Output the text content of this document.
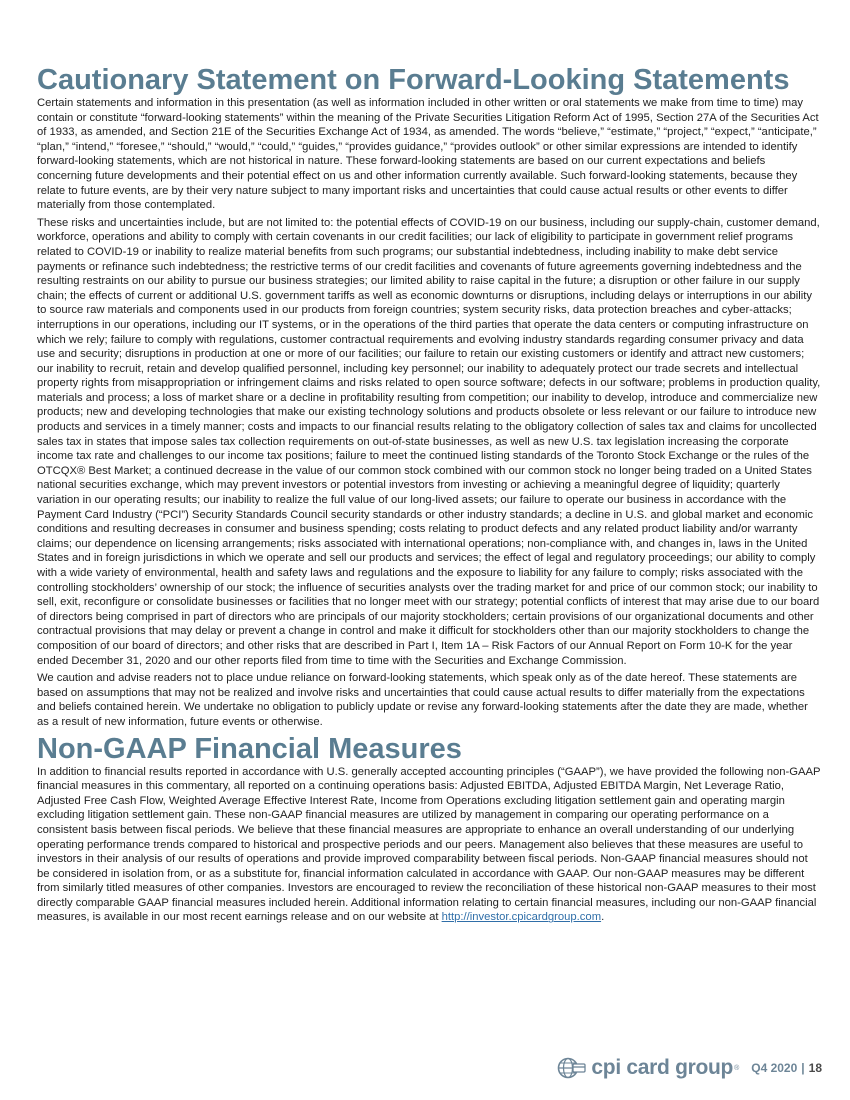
Cautionary Statement on Forward-Looking Statements

Certain statements and information in this presentation (as well as information included in other written or oral statements we make from time to time) may contain or constitute “forward-looking statements” within the meaning of the Private Securities Litigation Reform Act of 1995, Section 27A of the Securities Act of 1933, as amended, and Section 21E of the Securities Exchange Act of 1934, as amended. The words “believe,” “estimate,” “project,” “expect,” “anticipate,” “plan,” “intend,” “foresee,” “should,” “would,” “could,” “guides,” “provides guidance,” “provides outlook” or other similar expressions are intended to identify forward-looking statements, which are not historical in nature. These forward-looking statements are based on our current expectations and beliefs concerning future developments and their potential effect on us and other information currently available. Such forward-looking statements, because they relate to future events, are by their very nature subject to many important risks and uncertainties that could cause actual results or other events to differ materially from those contemplated.

These risks and uncertainties include, but are not limited to: the potential effects of COVID-19 on our business, including our supply-chain, customer demand, workforce, operations and ability to comply with certain covenants in our credit facilities; our lack of eligibility to participate in government relief programs related to COVID-19 or inability to realize material benefits from such programs; our substantial indebtedness, including inability to make debt service payments or refinance such indebtedness; the restrictive terms of our credit facilities and covenants of future agreements governing indebtedness and the resulting restraints on our ability to pursue our business strategies; our limited ability to raise capital in the future; a disruption or other failure in our supply chain; the effects of current or additional U.S. government tariffs as well as economic downturns or disruptions, including delays or interruptions in our ability to source raw materials and components used in our products from foreign countries; system security risks, data protection breaches and cyber-attacks; interruptions in our operations, including our IT systems, or in the operations of the third parties that operate the data centers or computing infrastructure on which we rely; failure to comply with regulations, customer contractual requirements and evolving industry standards regarding consumer privacy and data use and security; disruptions in production at one or more of our facilities; our failure to retain our existing customers or identify and attract new customers; our inability to recruit, retain and develop qualified personnel, including key personnel; our inability to adequately protect our trade secrets and intellectual property rights from misappropriation or infringement claims and risks related to open source software; defects in our software; problems in production quality, materials and process; a loss of market share or a decline in profitability resulting from competition; our inability to develop, introduce and commercialize new products; new and developing technologies that make our existing technology solutions and products obsolete or less relevant or our failure to introduce new products and services in a timely manner; costs and impacts to our financial results relating to the obligatory collection of sales tax and claims for uncollected sales tax in states that impose sales tax collection requirements on out-of-state businesses, as well as new U.S. tax legislation increasing the corporate income tax rate and challenges to our income tax positions; failure to meet the continued listing standards of the Toronto Stock Exchange or the rules of the OTCQX® Best Market; a continued decrease in the value of our common stock combined with our common stock no longer being traded on a United States national securities exchange, which may prevent investors or potential investors from investing or achieving a meaningful degree of liquidity; quarterly variation in our operating results; our inability to realize the full value of our long-lived assets; our failure to operate our business in accordance with the Payment Card Industry (“PCI”) Security Standards Council security standards or other industry standards; a decline in U.S. and global market and economic conditions and resulting decreases in consumer and business spending; costs relating to product defects and any related product liability and/or warranty claims; our dependence on licensing arrangements; risks associated with international operations; non-compliance with, and changes in, laws in the United States and in foreign jurisdictions in which we operate and sell our products and services; the effect of legal and regulatory proceedings; our ability to comply with a wide variety of environmental, health and safety laws and regulations and the exposure to liability for any failure to comply; risks associated with the controlling stockholders’ ownership of our stock; the influence of securities analysts over the trading market for and price of our common stock; our inability to sell, exit, reconfigure or consolidate businesses or facilities that no longer meet with our strategy; potential conflicts of interest that may arise due to our board of directors being comprised in part of directors who are principals of our majority stockholders; certain provisions of our organizational documents and other contractual provisions that may delay or prevent a change in control and make it difficult for stockholders other than our majority stockholders to change the composition of our board of directors; and other risks that are described in Part I, Item 1A – Risk Factors of our Annual Report on Form 10-K for the year ended December 31, 2020 and our other reports filed from time to time with the Securities and Exchange Commission.

We caution and advise readers not to place undue reliance on forward-looking statements, which speak only as of the date hereof. These statements are based on assumptions that may not be realized and involve risks and uncertainties that could cause actual results to differ materially from the expectations and beliefs contained herein. We undertake no obligation to publicly update or revise any forward-looking statements after the date they are made, whether as a result of new information, future events or otherwise.

Non-GAAP Financial Measures

In addition to financial results reported in accordance with U.S. generally accepted accounting principles (“GAAP”), we have provided the following non-GAAP financial measures in this commentary, all reported on a continuing operations basis: Adjusted EBITDA, Adjusted EBITDA Margin, Net Leverage Ratio, Adjusted Free Cash Flow, Weighted Average Effective Interest Rate, Income from Operations excluding litigation settlement gain and operating margin excluding litigation settlement gain. These non-GAAP financial measures are utilized by management in comparing our operating performance on a consistent basis between fiscal periods. We believe that these financial measures are appropriate to enhance an overall understanding of our underlying operating performance trends compared to historical and prospective periods and our peers. Management also believes that these measures are useful to investors in their analysis of our results of operations and provide improved comparability between fiscal periods. Non-GAAP financial measures should not be considered in isolation from, or as a substitute for, financial information calculated in accordance with GAAP. Our non-GAAP measures may be different from similarly titled measures of other companies. Investors are encouraged to review the reconciliation of these historical non-GAAP measures to their most directly comparable GAAP financial measures included herein. Additional information relating to certain financial measures, including our non-GAAP financial measures, is available in our most recent earnings release and on our website at http://investor.cpicardgroup.com.

cpi card group ® Q4 2020 | 18
